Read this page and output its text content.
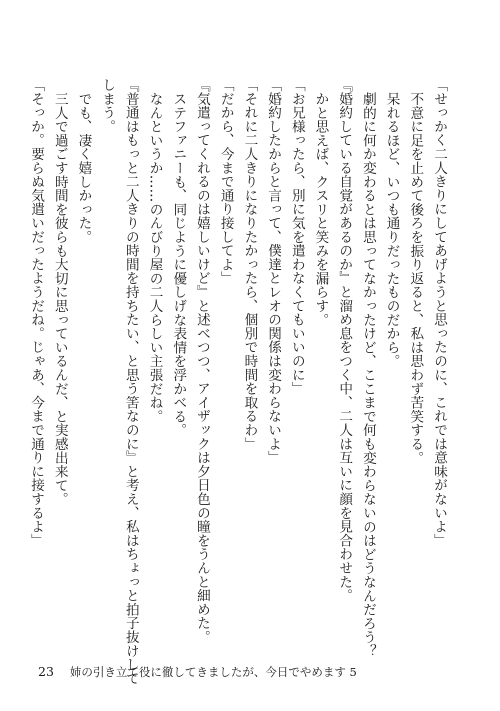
「せっかく二人きりにしてあげようと思ったのに、これでは意味がないよ」
不意に足を止めて後ろを振り返ると、私は思わず苦笑する。
呆れるほど、いつも通りだったものだから。
劇的に何か変わるとは思ってなかったけど、ここまで何も変わらないのはどうなんだろう？
『婚約している自覚があるのか』と溜め息をつく中、二人は互いに顔を見合わせた。
かと思えば、クスリと笑みを漏らす。
「お兄様ったら、別に気を遣わなくてもいいのに」
「婚約したからと言って、僕達とレオの関係は変わらないよ」
「それに二人きりになりたかったら、個別で時間を取るわ」
「だから、今まで通り接してよ」
『気遣ってくれるのは嬉しいけど』と述べつつ、アイザックは夕日色の瞳をうんと細めた。
ステファニーも、同じように優しげな表情を浮かべる。
なんというか……のんびり屋の二人らしい主張だね。
『普通はもっと二人きりの時間を持ちたい、と思う筈なのに』と考え、私はちょっと拍子抜けして
しまう。
でも、凄く嬉しかった。
三人で過ごす時間を彼らも大切に思っているんだ、と実感出来て。
「そっか。要らぬ気遣いだったようだね。じゃあ、今まで通りに接するよ」
23 姉の引き立て役に徹してきましたが、今日でやめます 5
